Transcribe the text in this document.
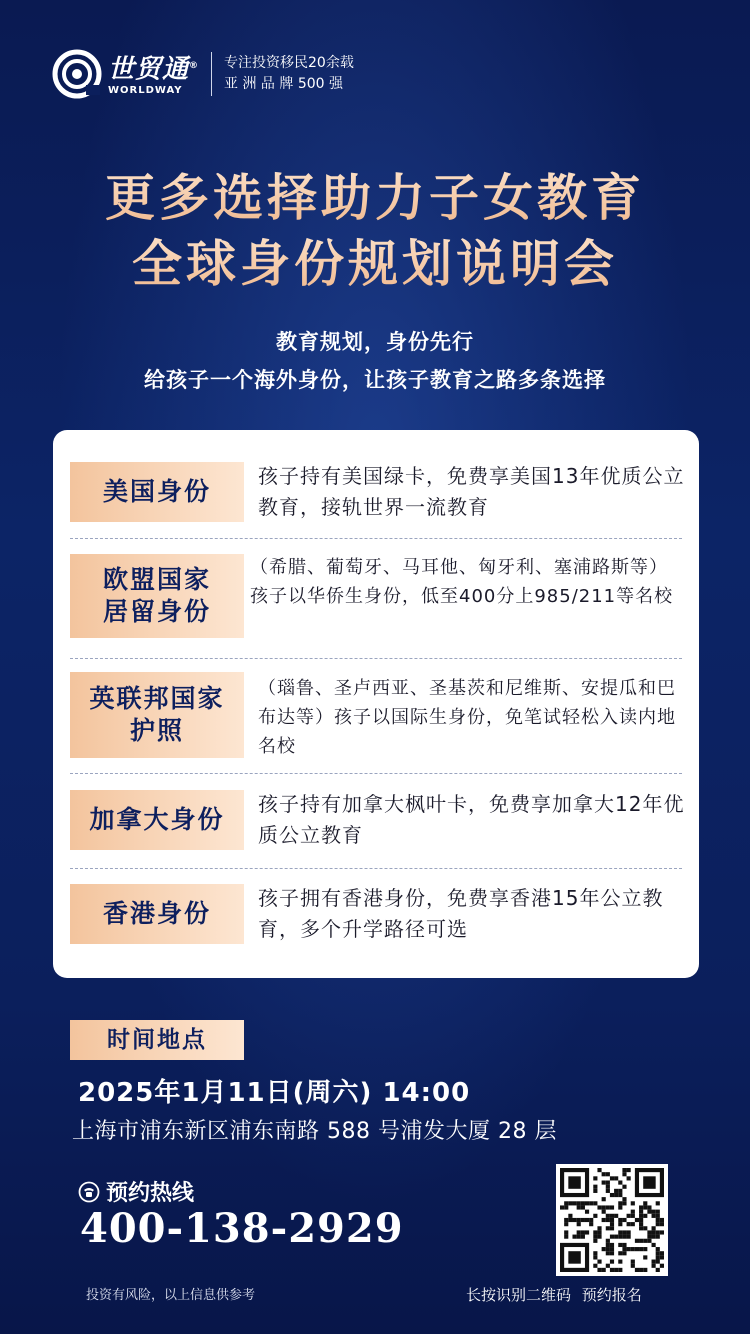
世贸通®
WORLDWAY
专注投资移民20余载
亚 洲 品 牌 500 强
更多选择助力子女教育
全球身份规划说明会
教育规划，身份先行
给孩子一个海外身份，让孩子教育之路多条选择
美国身份
孩子持有美国绿卡，免费享美国13年优质公立教育，接轨世界一流教育
欧盟国家
居留身份
（希腊、葡萄牙、马耳他、匈牙利、塞浦路斯等）孩子以华侨生身份，低至400分上985/211等名校
英联邦国家
护照
（瑙鲁、圣卢西亚、圣基茨和尼维斯、安提瓜和巴布达等）孩子以国际生身份，免笔试轻松入读内地名校
加拿大身份
孩子持有加拿大枫叶卡，免费享加拿大12年优质公立教育
香港身份
孩子拥有香港身份，免费享香港15年公立教育，多个升学路径可选
时间地点
2025年1月11日(周六) 14:00
上海市浦东新区浦东南路 588 号浦发大厦 28 层
预约热线
400-138-2929
投资有风险，以上信息供参考	长按识别二维码 预约报名
